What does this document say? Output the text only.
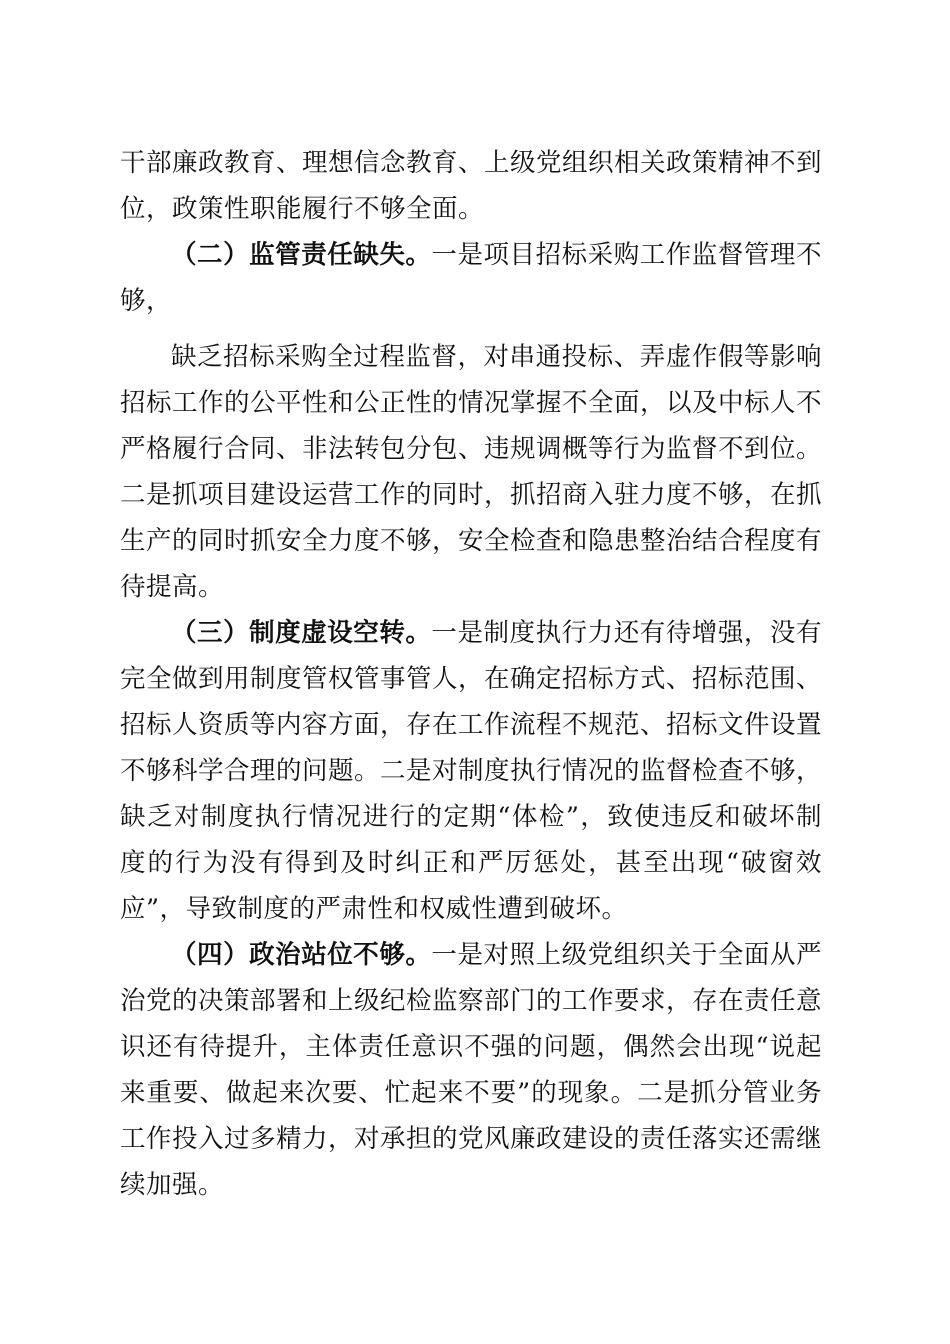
干部廉政教育、理想信念教育、上级党组织相关政策精神不到位，政策性职能履行不够全面。

（二）监管责任缺失。一是项目招标采购工作监督管理不够，

缺乏招标采购全过程监督，对串通投标、弄虚作假等影响招标工作的公平性和公正性的情况掌握不全面，以及中标人不严格履行合同、非法转包分包、违规调概等行为监督不到位。二是抓项目建设运营工作的同时，抓招商入驻力度不够，在抓生产的同时抓安全力度不够，安全检查和隐患整治结合程度有待提高。

（三）制度虚设空转。一是制度执行力还有待增强，没有完全做到用制度管权管事管人，在确定招标方式、招标范围、招标人资质等内容方面，存在工作流程不规范、招标文件设置不够科学合理的问题。二是对制度执行情况的监督检查不够，缺乏对制度执行情况进行的定期“体检”，致使违反和破坏制度的行为没有得到及时纠正和严厉惩处，甚至出现“破窗效应”，导致制度的严肃性和权威性遭到破坏。

（四）政治站位不够。一是对照上级党组织关于全面从严治党的决策部署和上级纪检监察部门的工作要求，存在责任意识还有待提升，主体责任意识不强的问题，偶然会出现“说起来重要、做起来次要、忙起来不要”的现象。二是抓分管业务工作投入过多精力，对承担的党风廉政建设的责任落实还需继续加强。
